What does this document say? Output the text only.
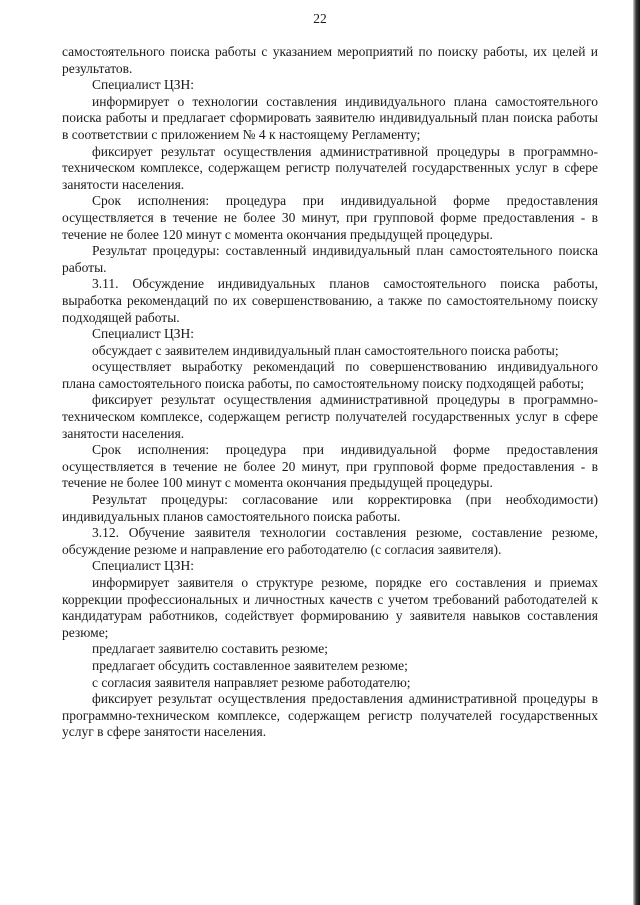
22

самостоятельного поиска работы с указанием мероприятий по поиску работы, их целей и результатов.

Специалист ЦЗН:

информирует о технологии составления индивидуального плана самостоятельного поиска работы и предлагает сформировать заявителю индивидуальный план поиска работы в соответствии с приложением № 4 к настоящему Регламенту;

фиксирует результат осуществления административной процедуры в программно-техническом комплексе, содержащем регистр получателей государственных услуг в сфере занятости населения.

Срок исполнения: процедура при индивидуальной форме предоставления осуществляется в течение не более 30 минут, при групповой форме предоставления - в течение не более 120 минут с момента окончания предыдущей процедуры.

Результат процедуры: составленный индивидуальный план самостоятельного поиска работы.

3.11. Обсуждение индивидуальных планов самостоятельного поиска работы, выработка рекомендаций по их совершенствованию, а также по самостоятельному поиску подходящей работы.

Специалист ЦЗН:

обсуждает с заявителем индивидуальный план самостоятельного поиска работы;

осуществляет выработку рекомендаций по совершенствованию индивидуального плана самостоятельного поиска работы, по самостоятельному поиску подходящей работы;

фиксирует результат осуществления административной процедуры в программно-техническом комплексе, содержащем регистр получателей государственных услуг в сфере занятости населения.

Срок исполнения: процедура при индивидуальной форме предоставления осуществляется в течение не более 20 минут, при групповой форме предоставления - в течение не более 100 минут с момента окончания предыдущей процедуры.

Результат процедуры: согласование или корректировка (при необходимости) индивидуальных планов самостоятельного поиска работы.

3.12. Обучение заявителя технологии составления резюме, составление резюме, обсуждение резюме и направление его работодателю (с согласия заявителя).

Специалист ЦЗН:

информирует заявителя о структуре резюме, порядке его составления и приемах коррекции профессиональных и личностных качеств с учетом требований работодателей к кандидатурам работников, содействует формированию у заявителя навыков составления резюме;

предлагает заявителю составить резюме;

предлагает обсудить составленное заявителем резюме;

с согласия заявителя направляет резюме работодателю;

фиксирует результат осуществления предоставления административной процедуры в программно-техническом комплексе, содержащем регистр получателей государственных услуг в сфере занятости населения.
